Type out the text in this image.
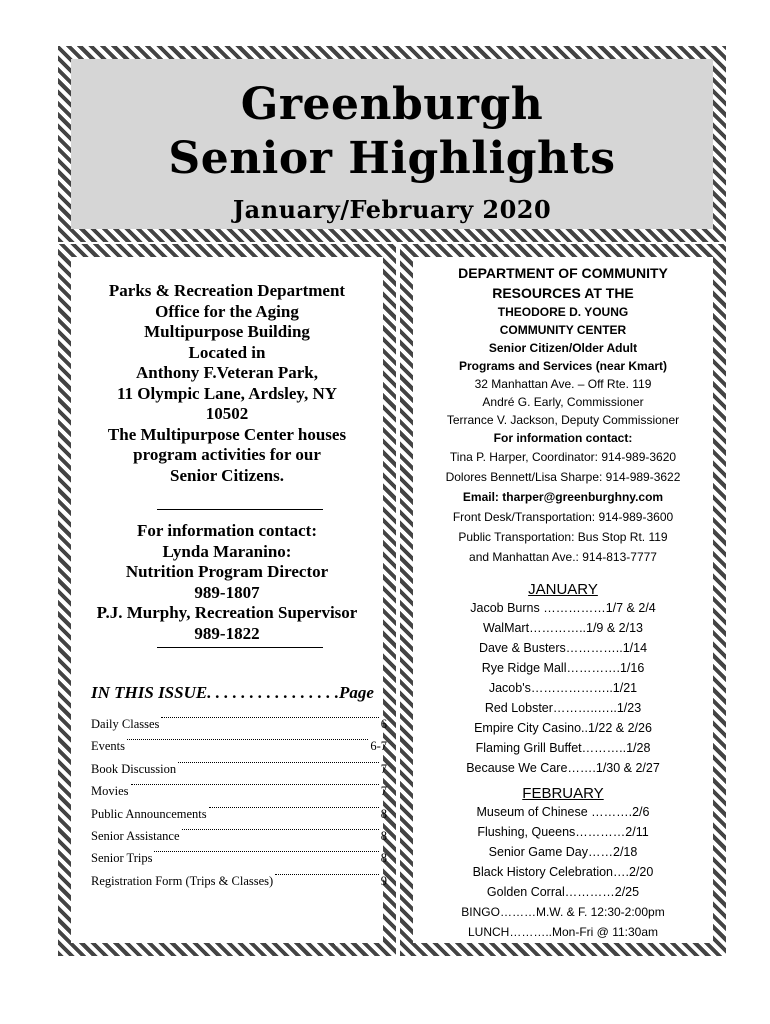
Greenburgh
Senior Highlights
January/February 2020
Parks & Recreation Department
Office for the Aging
Multipurpose Building
Located in
Anthony F.Veteran Park,
11 Olympic Lane, Ardsley, NY
10502
The Multipurpose Center houses
program activities for our
Senior Citizens.
For information contact:
Lynda Maranino:
Nutrition Program Director
989-1807
P.J. Murphy, Recreation Supervisor
989-1822
IN THIS ISSUE. . . . . . . . . . . . . . . .Page
Daily Classes	6
Events	6-7
Book Discussion	7
Movies	7
Public Announcements	8
Senior Assistance	8
Senior Trips	8
Registration Form (Trips & Classes)	9
DEPARTMENT OF COMMUNITY
RESOURCES AT THE
THEODORE D. YOUNG
COMMUNITY CENTER
Senior Citizen/Older Adult
Programs and Services (near Kmart)
32 Manhattan Ave. – Off Rte. 119
André G. Early, Commissioner
Terrance V. Jackson, Deputy Commissioner
For information contact:
Tina P. Harper, Coordinator: 914-989-3620
Dolores Bennett/Lisa Sharpe: 914-989-3622
Email: tharper@greenburghny.com
Front Desk/Transportation: 914-989-3600
Public Transportation: Bus Stop Rt. 119
and Manhattan Ave.: 914-813-7777
JANUARY
Jacob Burns ……………1/7 & 2/4
WalMart…………..1/9 & 2/13
Dave & Busters…………..1/14
Rye Ridge Mall………….1/16
Jacob's………………..1/21
Red Lobster………..…..1/23
Empire City Casino..1/22 & 2/26
Flaming Grill Buffet………..1/28
Because We Care…….1/30 & 2/27
FEBRUARY
Museum of Chinese ……….2/6
Flushing, Queens…………2/11
Senior Game Day……2/18
Black History Celebration….2/20
Golden Corral…………2/25
BINGO………M.W. & F. 12:30-2:00pm
LUNCH………..Mon-Fri @ 11:30am
